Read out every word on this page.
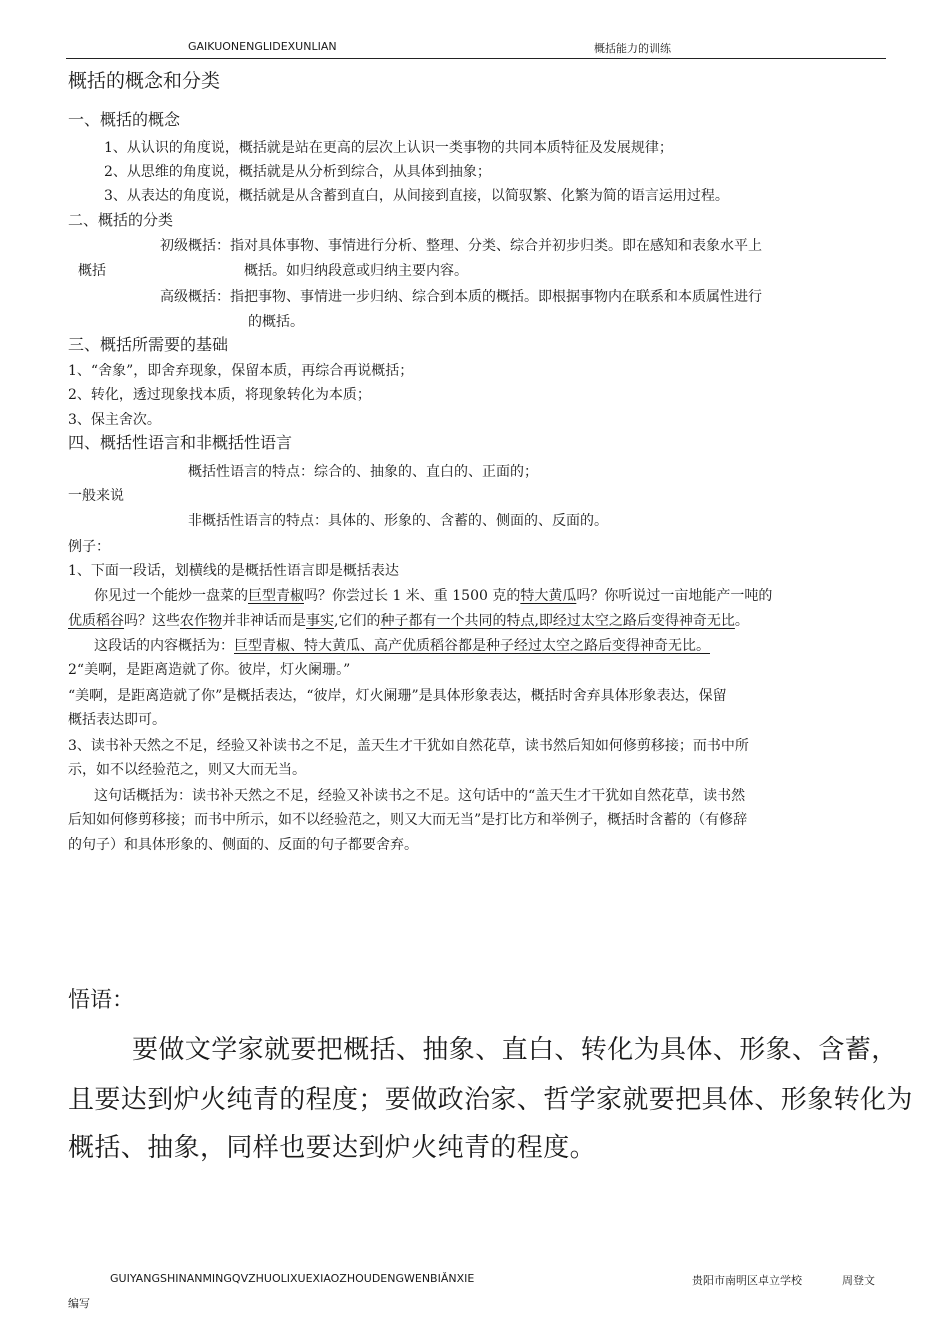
GAIKUONENGLIDEXUNLIAN	概括能力的训练
概括的概念和分类
一、概括的概念
1、从认识的角度说，概括就是站在更高的层次上认识一类事物的共同本质特征及发展规律；
2、从思维的角度说，概括就是从分析到综合，从具体到抽象；
3、从表达的角度说，概括就是从含蓄到直白，从间接到直接，以简驭繁、化繁为简的语言运用过程。
二、概括的分类
初级概括：指对具体事物、事情进行分析、整理、分类、综合并初步归类。即在感知和表象水平上
概括	概括。如归纳段意或归纳主要内容。
高级概括：指把事物、事情进一步归纳、综合到本质的概括。即根据事物内在联系和本质属性进行
的概括。
三、概括所需要的基础
1、“舍象”，即舍弃现象，保留本质，再综合再说概括；
2、转化，透过现象找本质，将现象转化为本质；
3、保主舍次。
四、概括性语言和非概括性语言
概括性语言的特点：综合的、抽象的、直白的、正面的；
一般来说
非概括性语言的特点：具体的、形象的、含蓄的、侧面的、反面的。
例子：
1、下面一段话，划横线的是概括性语言即是概括表达
你见过一个能炒一盘菜的巨型青椒吗？你尝过长 1 米、重 1500 克的特大黄瓜吗？你听说过一亩地能产一吨的
优质稻谷吗？这些农作物并非神话而是事实,它们的种子都有一个共同的特点,即经过太空之路后变得神奇无比。
这段话的内容概括为：巨型青椒、特大黄瓜、高产优质稻谷都是种子经过太空之路后变得神奇无比。
2“美啊，是距离造就了你。彼岸，灯火阑珊。”
“美啊，是距离造就了你”是概括表达，“彼岸，灯火阑珊”是具体形象表达，概括时舍弃具体形象表达，保留
概括表达即可。
3、读书补天然之不足，经验又补读书之不足，盖天生才干犹如自然花草，读书然后知如何修剪移接；而书中所
示，如不以经验范之，则又大而无当。
这句话概括为：读书补天然之不足，经验又补读书之不足。这句话中的“盖天生才干犹如自然花草，读书然
后知如何修剪移接；而书中所示，如不以经验范之，则又大而无当”是打比方和举例子，概括时含蓄的（有修辞
的句子）和具体形象的、侧面的、反面的句子都要舍弃。
悟语：
要做文学家就要把概括、抽象、直白、转化为具体、形象、含蓄，
且要达到炉火纯青的程度；要做政治家、哲学家就要把具体、形象转化为
概括、抽象，同样也要达到炉火纯青的程度。
GUIYANGSHINANMINGQVZHUOLIXUEXIAOZHOUDENGWENBIǍNXIE	贵阳市南明区卓立学校	周登文
编写
